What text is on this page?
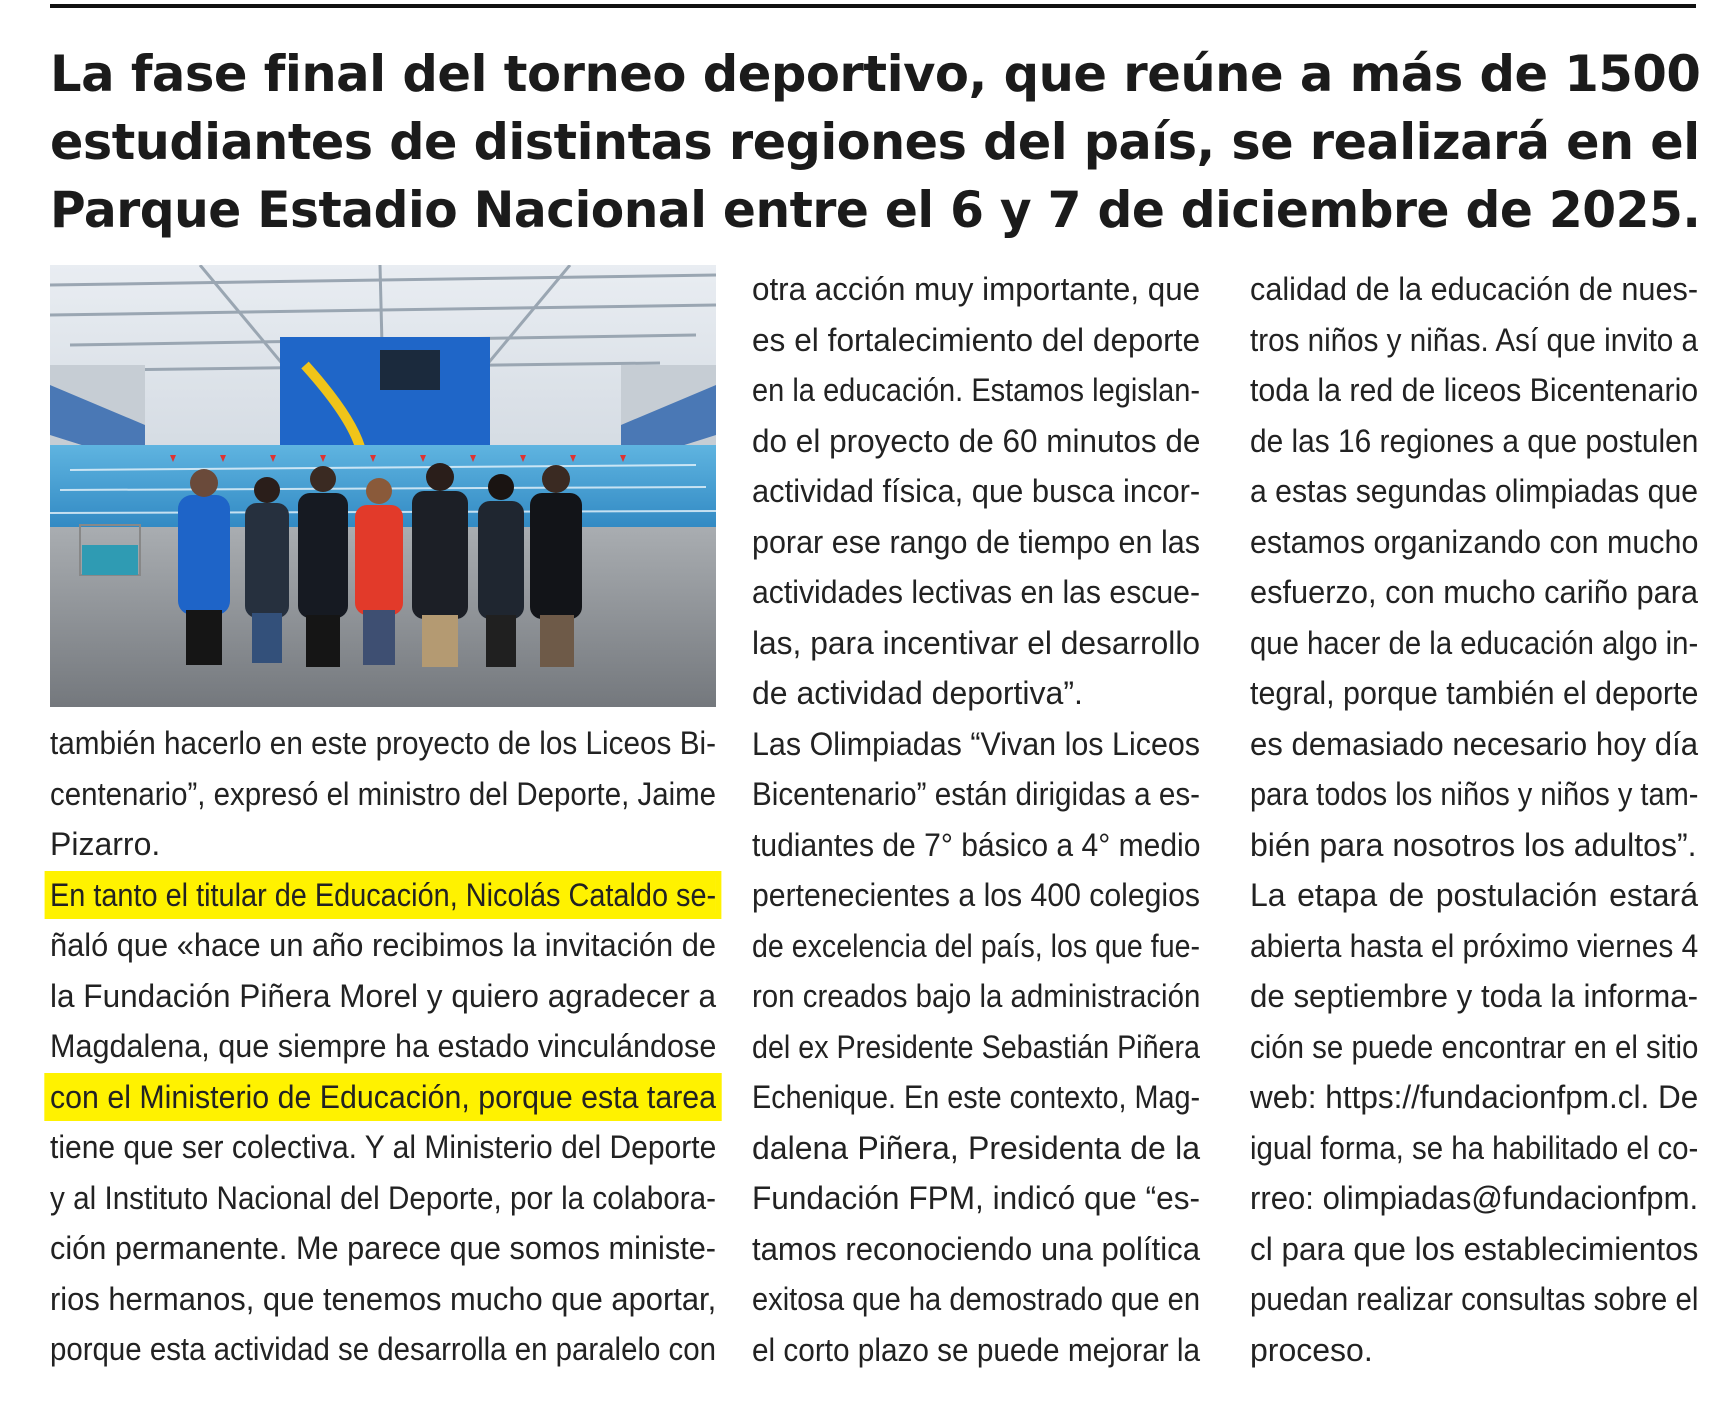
La fase final del torneo deportivo, que reúne a más de 1500
estudiantes de distintas regiones del país, se realizará en el
Parque Estadio Nacional entre el 6 y 7 de diciembre de 2025.
también hacerlo en este proyecto de los Liceos Bi-
centenario”, expresó el ministro del Deporte, Jaime
Pizarro.
En tanto el titular de Educación, Nicolás Cataldo se-
ñaló que «hace un año recibimos la invitación de
la Fundación Piñera Morel y quiero agradecer a
Magdalena, que siempre ha estado vinculándose
con el Ministerio de Educación, porque esta tarea
tiene que ser colectiva. Y al Ministerio del Deporte
y al Instituto Nacional del Deporte, por la colabora-
ción permanente. Me parece que somos ministe-
rios hermanos, que tenemos mucho que aportar,
porque esta actividad se desarrolla en paralelo con
otra acción muy importante, que
es el fortalecimiento del deporte
en la educación. Estamos legislan-
do el proyecto de 60 minutos de
actividad física, que busca incor-
porar ese rango de tiempo en las
actividades lectivas en las escue-
las, para incentivar el desarrollo
de actividad deportiva”.
Las Olimpiadas “Vivan los Liceos
Bicentenario” están dirigidas a es-
tudiantes de 7° básico a 4° medio
pertenecientes a los 400 colegios
de excelencia del país, los que fue-
ron creados bajo la administración
del ex Presidente Sebastián Piñera
Echenique. En este contexto, Mag-
dalena Piñera, Presidenta de la
Fundación FPM, indicó que “es-
tamos reconociendo una política
exitosa que ha demostrado que en
el corto plazo se puede mejorar la
calidad de la educación de nues-
tros niños y niñas. Así que invito a
toda la red de liceos Bicentenario
de las 16 regiones a que postulen
a estas segundas olimpiadas que
estamos organizando con mucho
esfuerzo, con mucho cariño para
que hacer de la educación algo in-
tegral, porque también el deporte
es demasiado necesario hoy día
para todos los niños y niños y tam-
bién para nosotros los adultos”.
La etapa de postulación estará
abierta hasta el próximo viernes 4
de septiembre y toda la informa-
ción se puede encontrar en el sitio
web: https://fundacionfpm.cl. De
igual forma, se ha habilitado el co-
rreo: olimpiadas@fundacionfpm.
cl para que los establecimientos
puedan realizar consultas sobre el
proceso.
